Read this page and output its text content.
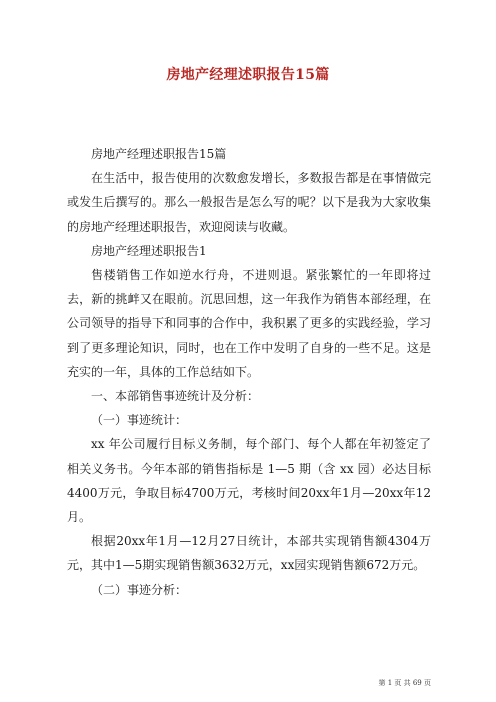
房地产经理述职报告15篇

房地产经理述职报告15篇

在生活中，报告使用的次数愈发增长，多数报告都是在事情做完或发生后撰写的。那么一般报告是怎么写的呢？以下是我为大家收集的房地产经理述职报告，欢迎阅读与收藏。

房地产经理述职报告1

售楼销售工作如逆水行舟，不进则退。紧张繁忙的一年即将过去，新的挑衅又在眼前。沉思回想，这一年我作为销售本部经理，在公司领导的指导下和同事的合作中，我积累了更多的实践经验，学习到了更多理论知识，同时，也在工作中发明了自身的一些不足。这是充实的一年，具体的工作总结如下。

一、本部销售事迹统计及分析：

（一）事迹统计：

xx 年公司履行目标义务制，每个部门、每个人都在年初签定了相关义务书。今年本部的销售指标是 1—5 期（含 xx 园）必达目标4400万元，争取目标4700万元，考核时间20xx年1月—20xx年12月。

根据20xx年1月—12月27日统计，本部共实现销售额4304万元，其中1—5期实现销售额3632万元，xx园实现销售额672万元。

（二）事迹分析：

第 1 页 共 69 页
